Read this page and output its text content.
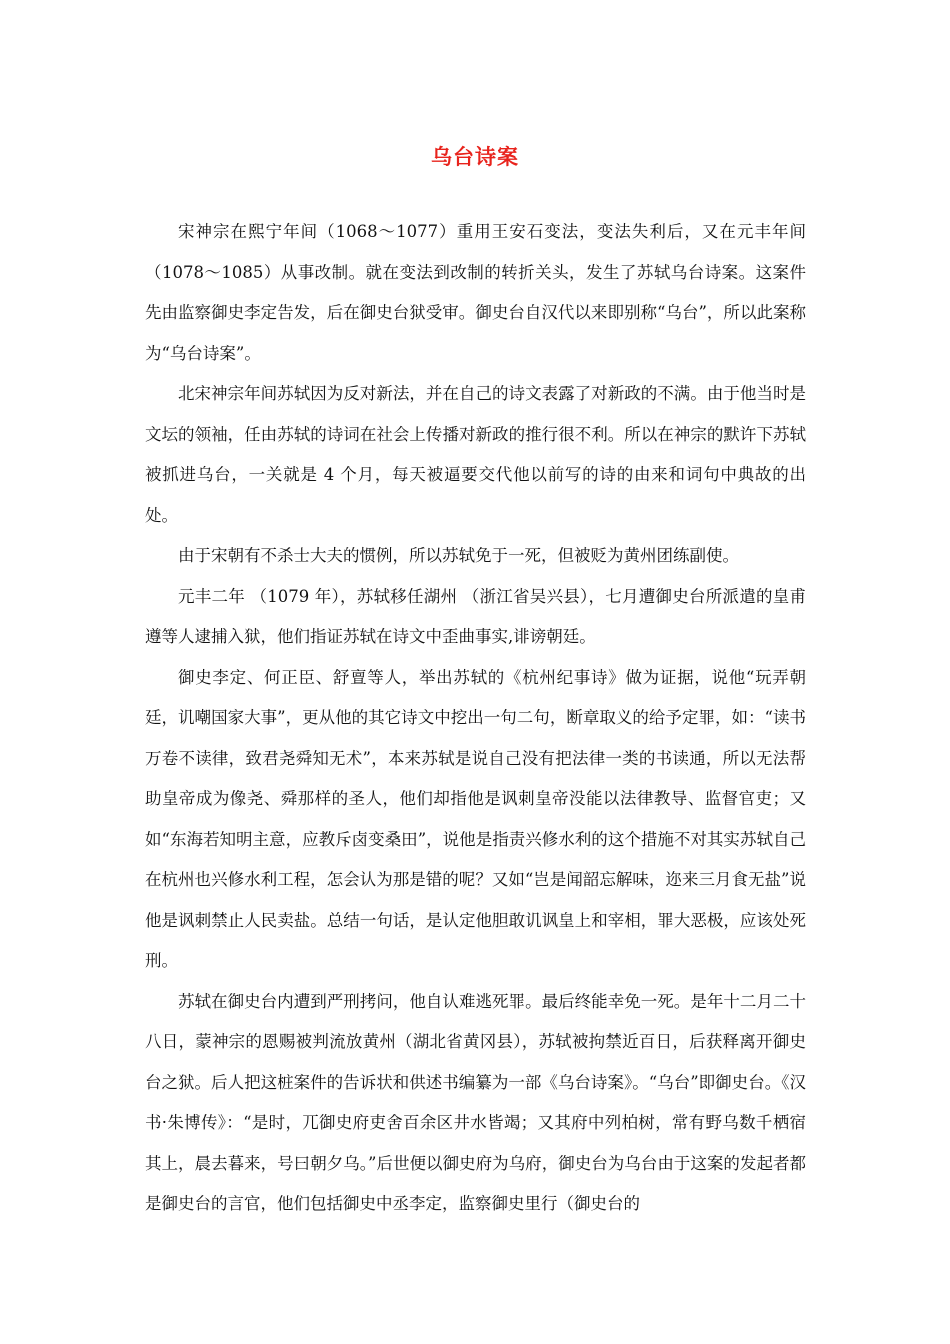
乌台诗案

宋神宗在熙宁年间（1068～1077）重用王安石变法，变法失利后，又在元丰年间（1078～1085）从事改制。就在变法到改制的转折关头，发生了苏轼乌台诗案。这案件先由监察御史李定告发，后在御史台狱受审。御史台自汉代以来即别称“乌台”，所以此案称为“乌台诗案”。

北宋神宗年间苏轼因为反对新法，并在自己的诗文表露了对新政的不满。由于他当时是文坛的领袖，任由苏轼的诗词在社会上传播对新政的推行很不利。所以在神宗的默许下苏轼被抓进乌台，一关就是 4 个月，每天被逼要交代他以前写的诗的由来和词句中典故的出处。

由于宋朝有不杀士大夫的惯例，所以苏轼免于一死，但被贬为黄州团练副使。

元丰二年 （1079 年），苏轼移任湖州 （浙江省吴兴县），七月遭御史台所派遣的皇甫遵等人逮捕入狱，他们指证苏轼在诗文中歪曲事实,诽谤朝廷。

御史李定、何正臣、舒亶等人，举出苏轼的《杭州纪事诗》做为证据，说他“玩弄朝廷，讥嘲国家大事”，更从他的其它诗文中挖出一句二句，断章取义的给予定罪，如：“读书万卷不读律，致君尧舜知无术”，本来苏轼是说自己没有把法律一类的书读通，所以无法帮助皇帝成为像尧、舜那样的圣人，他们却指他是讽刺皇帝没能以法律教导、监督官吏；又如“东海若知明主意，应教斥卤变桑田”，说他是指责兴修水利的这个措施不对其实苏轼自己在杭州也兴修水利工程，怎会认为那是错的呢？又如“岂是闻韶忘解味，迩来三月食无盐”说他是讽刺禁止人民卖盐。总结一句话，是认定他胆敢讥讽皇上和宰相，罪大恶极，应该处死刑。

苏轼在御史台内遭到严刑拷问，他自认难逃死罪。最后终能幸免一死。是年十二月二十八日，蒙神宗的恩赐被判流放黄州（湖北省黄冈县），苏轼被拘禁近百日，后获释离开御史台之狱。后人把这桩案件的告诉状和供述书编纂为一部《乌台诗案》。“乌台”即御史台。《汉书·朱博传》：“是时，兀御史府吏舍百余区井水皆竭；又其府中列柏树，常有野乌数千栖宿其上，晨去暮来，号曰朝夕乌。”后世便以御史府为乌府，御史台为乌台由于这案的发起者都是御史台的言官，他们包括御史中丞李定，监察御史里行（御史台的
